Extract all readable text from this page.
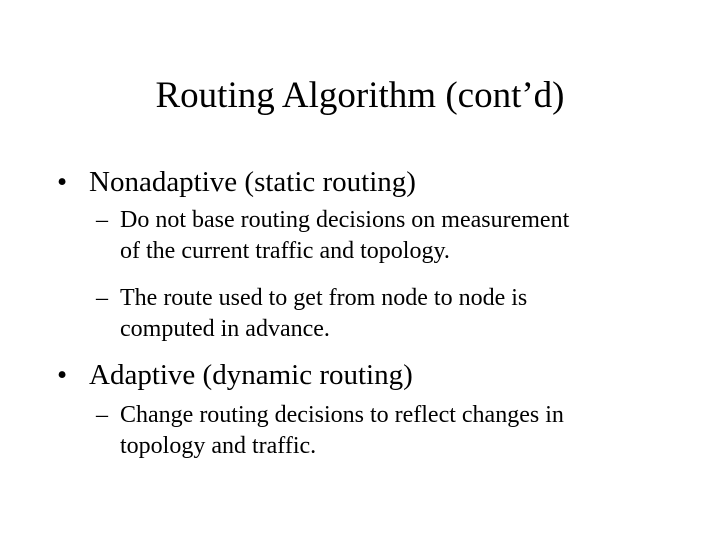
Routing Algorithm (cont’d)
• Nonadaptive (static routing)
– Do not base routing decisions on measurement
of the current traffic and topology.
– The route used to get from node to node is
computed in advance.
• Adaptive (dynamic routing)
– Change routing decisions to reflect changes in
topology and traffic.
